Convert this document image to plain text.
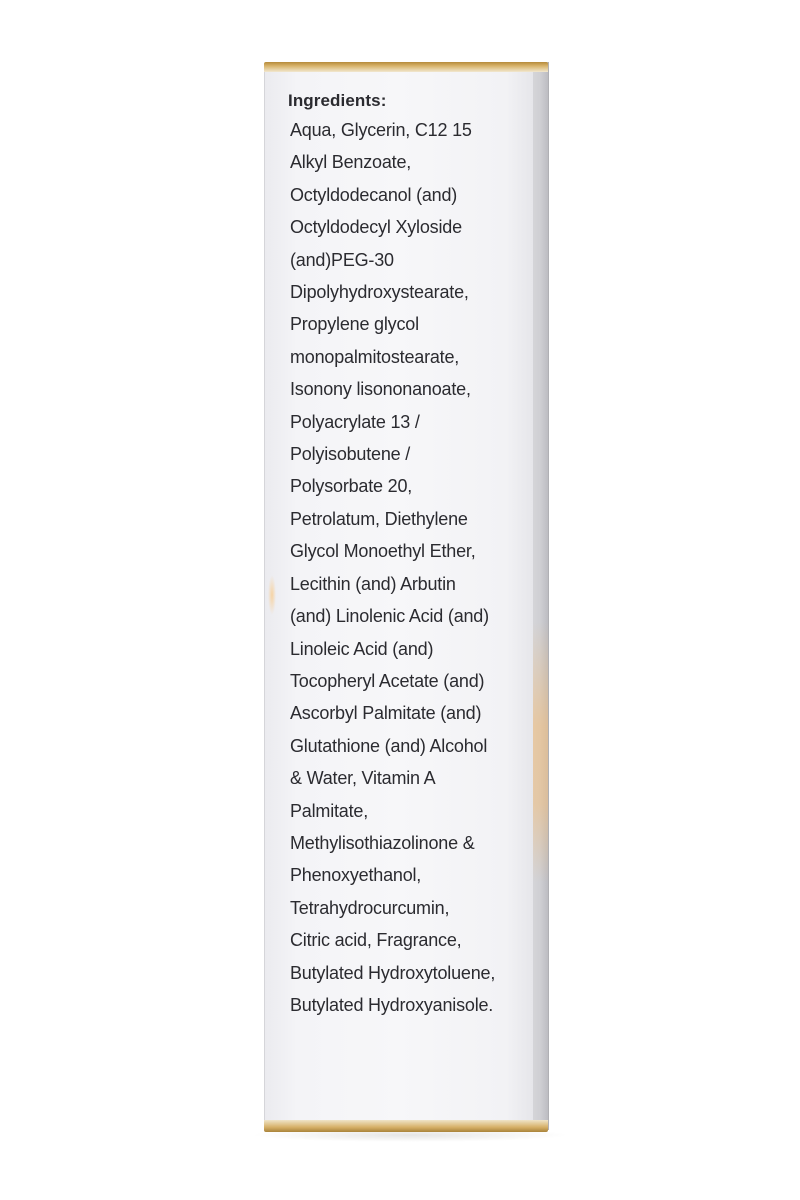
Ingredients:

Aqua, Glycerin, C12 15
Alkyl Benzoate,
Octyldodecanol (and)
Octyldodecyl Xyloside
(and)PEG-30
Dipolyhydroxystearate,
Propylene glycol
monopalmitostearate,
Isonony lisononanoate,
Polyacrylate 13 /
Polyisobutene /
Polysorbate 20,
Petrolatum, Diethylene
Glycol Monoethyl Ether,
Lecithin (and) Arbutin
(and) Linolenic Acid (and)
Linoleic Acid (and)
Tocopheryl Acetate (and)
Ascorbyl Palmitate (and)
Glutathione (and) Alcohol
& Water, Vitamin A
Palmitate,
Methylisothiazolinone &
Phenoxyethanol,
Tetrahydrocurcumin,
Citric acid, Fragrance,
Butylated Hydroxytoluene,
Butylated Hydroxyanisole.
